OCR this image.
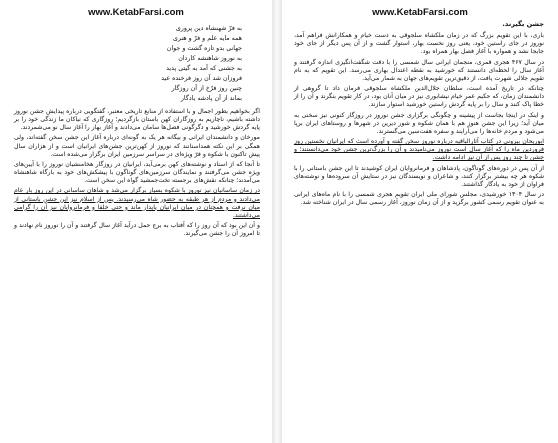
www.KetabFarsi.com
به فرّ شهنشاه دین پروری
همه مایه علم و فرّ و هنری
جهانی بدو تازه گشت و جوان
به نوروز شاهنشه کاردان
به جشنی که آمد به گیتی پدید
فروزان شد آن روز فرخنده عید
چنین روز فرّخ از آن روزگار
بماند از آن پادشه یادگار

اگر بخواهیم بطور اجمال و با استفاده از منابع تاریخی معتبر، گفتگویی درباره پیدایش جشن نوروز داشته باشیم، ناچاریم به روزگاران کهن باستان بازگردیم؛ روزگاری که نیاکان ما زندگی خود را بر پایه گردش خورشید و دگرگونی فصل‌ها سامان می‌دادند و آغاز بهار را آغاز سال نو می‌شمردند.

مورخان و دانشمندان ایرانی و بیگانه هر یک به گونه‌ای درباره آغاز این جشن سخن گفته‌اند، ولی همگی بر این نکته همداستانند که نوروز از کهن‌ترین جشن‌های ایرانیان است و از هزاران سال پیش تاکنون با شکوه و فرّ ویژه‌ای در سراسر سرزمین ایران برگزار می‌شده است.

تا آنجا که از اسناد و نوشته‌های کهن برمی‌آید، ایرانیان در روزگار هخامنشیان نوروز را با آیین‌های ویژه جشن می‌گرفتند و نمایندگان سرزمین‌های گوناگون با پیشکش‌های خود به بارگاه شاهنشاه می‌آمدند؛ چنانکه نقش‌های برجسته تخت‌جمشید گواه این سخن است.

در زمان ساسانیان نیز نوروز با شکوه بسیار برگزار می‌شد و شاهان ساسانی در این روز بار عام می‌دادند و مردم از هر طبقه به حضور شاه می‌رسیدند. پس از اسلام نیز این جشن باستانی از میان نرفت و همچنان در میان ایرانیان پایدار ماند و حتی خلفا و فرمانروایان نیز آن را گرامی می‌داشتند.

و آن این بود که آن روز را که آفتاب به برج حمل درآید آغاز سال گرفتند و آن را نوروز نام نهادند و تا امروز آن را جشن می‌گیرند.

www.KetabFarsi.com
جشن بگیرند.

باری، با این تقویم بزرگ که در زمان ملکشاه سلجوقی به دست خیام و همکارانش فراهم آمد، نوروز در جای راستین خود، یعنی روز نخست بهار، استوار گشت و از آن پس دیگر از جای خود جابجا نشد و همواره با آغاز فصل بهار همراه بود.

در سال ۴۶۷ هجری قمری، منجمان ایرانی سال شمسی را با دقت شگفت‌انگیزی اندازه گرفتند و آغاز سال را لحظه‌ای دانستند که خورشید به نقطه اعتدال بهاری می‌رسد. این تقویم که به نام تقویم جلالی شهرت یافت، از دقیق‌ترین تقویم‌های جهان به شمار می‌آید.

چنانکه در تاریخ آمده است، سلطان جلال‌الدین ملکشاه سلجوقی فرمان داد تا گروهی از دانشمندان زمان، که حکیم عمر خیام نیشابوری نیز در میان آنان بود، در کار تقویم بنگرند و آن را از خطا پاک کنند و سال را بر پایه گردش راستین خورشید استوار سازند.

و اینک در اینجا بجاست از پیشینه و چگونگی برگزاری جشن نوروز در روزگار کنونی نیز سخنی به میان آید؛ زیرا این جشن هنوز هم با همان شکوه و شور دیرین در شهرها و روستاهای ایران برپا می‌شود و مردم خانه‌ها را می‌آرایند و سفره هفت‌سین می‌گسترند.

ابوریحان بیرونی در کتاب آثارالباقیه درباره نوروز سخن گفته و آورده است که ایرانیان نخستین روز فروردین ماه را که آغاز سال است نوروز می‌نامیدند و آن را بزرگ‌ترین جشن خود می‌دانستند؛ و جشن تا چند روز پس از آن نیز ادامه داشت.

از آن پس در دوره‌های گوناگون، پادشاهان و فرمانروایان ایران کوشیدند تا این جشن باستانی را با شکوه هر چه بیشتر برگزار کنند، و شاعران و نویسندگان نیز در ستایش آن سروده‌ها و نوشته‌های فراوان از خود به یادگار گذاشتند.

در سال ۱۳۰۴ خورشیدی، مجلس شورای ملی ایران تقویم هجری شمسی را با نام ماه‌های ایرانی به عنوان تقویم رسمی کشور برگزید و از آن زمان نوروز، آغاز رسمی سال در ایران شناخته شد.
